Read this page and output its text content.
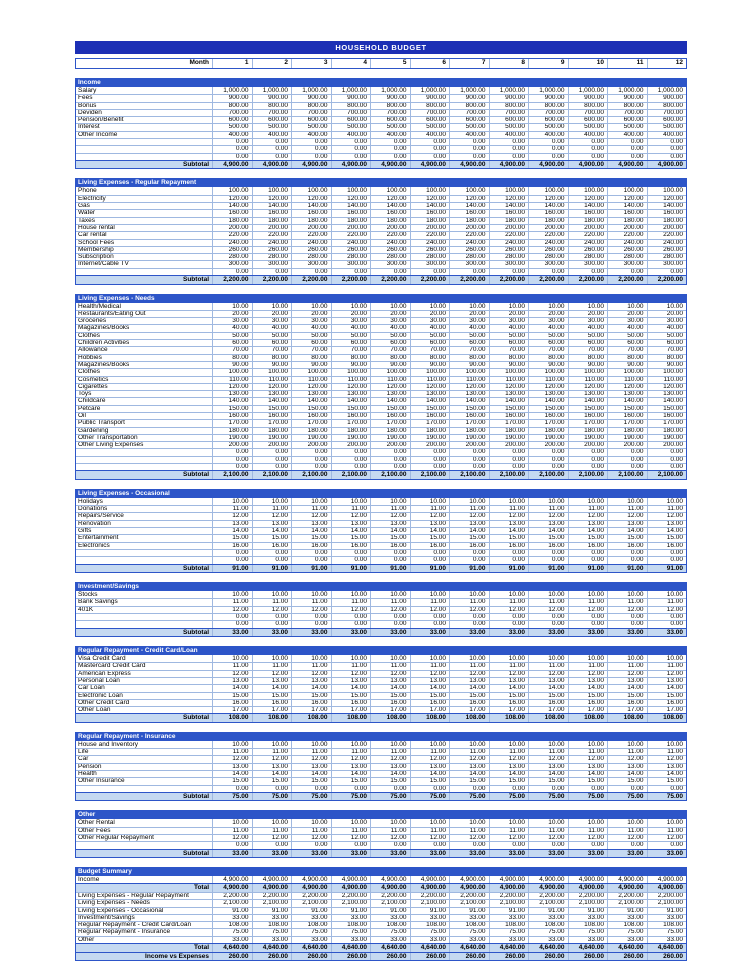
HOUSEHOLD BUDGET
Month	1	2	3	4	5	6	7	8	9	10	11	12
Income
Salary	1,000.00	1,000.00	1,000.00	1,000.00	1,000.00	1,000.00	1,000.00	1,000.00	1,000.00	1,000.00	1,000.00	1,000.00
Fees	900.00	900.00	900.00	900.00	900.00	900.00	900.00	900.00	900.00	900.00	900.00	900.00
Bonus	800.00	800.00	800.00	800.00	800.00	800.00	800.00	800.00	800.00	800.00	800.00	800.00
Deviden	700.00	700.00	700.00	700.00	700.00	700.00	700.00	700.00	700.00	700.00	700.00	700.00
Pension/Benefit	600.00	600.00	600.00	600.00	600.00	600.00	600.00	600.00	600.00	600.00	600.00	600.00
Interest	500.00	500.00	500.00	500.00	500.00	500.00	500.00	500.00	500.00	500.00	500.00	500.00
Other Income	400.00	400.00	400.00	400.00	400.00	400.00	400.00	400.00	400.00	400.00	400.00	400.00
0.00	0.00	0.00	0.00	0.00	0.00	0.00	0.00	0.00	0.00	0.00	0.00
0.00	0.00	0.00	0.00	0.00	0.00	0.00	0.00	0.00	0.00	0.00	0.00
0.00	0.00	0.00	0.00	0.00	0.00	0.00	0.00	0.00	0.00	0.00	0.00
Subtotal	4,900.00	4,900.00	4,900.00	4,900.00	4,900.00	4,900.00	4,900.00	4,900.00	4,900.00	4,900.00	4,900.00	4,900.00
Living Expenses - Regular Repayment
Phone	100.00	100.00	100.00	100.00	100.00	100.00	100.00	100.00	100.00	100.00	100.00	100.00
Electricity	120.00	120.00	120.00	120.00	120.00	120.00	120.00	120.00	120.00	120.00	120.00	120.00
Gas	140.00	140.00	140.00	140.00	140.00	140.00	140.00	140.00	140.00	140.00	140.00	140.00
Water	160.00	160.00	160.00	160.00	160.00	160.00	160.00	160.00	160.00	160.00	160.00	160.00
Taxes	180.00	180.00	180.00	180.00	180.00	180.00	180.00	180.00	180.00	180.00	180.00	180.00
House rental	200.00	200.00	200.00	200.00	200.00	200.00	200.00	200.00	200.00	200.00	200.00	200.00
Car rental	220.00	220.00	220.00	220.00	220.00	220.00	220.00	220.00	220.00	220.00	220.00	220.00
School Fees	240.00	240.00	240.00	240.00	240.00	240.00	240.00	240.00	240.00	240.00	240.00	240.00
Membership	260.00	260.00	260.00	260.00	260.00	260.00	260.00	260.00	260.00	260.00	260.00	260.00
Subscription	280.00	280.00	280.00	280.00	280.00	280.00	280.00	280.00	280.00	280.00	280.00	280.00
Internet/Cable TV	300.00	300.00	300.00	300.00	300.00	300.00	300.00	300.00	300.00	300.00	300.00	300.00
0.00	0.00	0.00	0.00	0.00	0.00	0.00	0.00	0.00	0.00	0.00	0.00
Subtotal	2,200.00	2,200.00	2,200.00	2,200.00	2,200.00	2,200.00	2,200.00	2,200.00	2,200.00	2,200.00	2,200.00	2,200.00
Living Expenses - Needs
Health/Medical	10.00	10.00	10.00	10.00	10.00	10.00	10.00	10.00	10.00	10.00	10.00	10.00
Restaurants/Eating Out	20.00	20.00	20.00	20.00	20.00	20.00	20.00	20.00	20.00	20.00	20.00	20.00
Groceries	30.00	30.00	30.00	30.00	30.00	30.00	30.00	30.00	30.00	30.00	30.00	30.00
Magazines/Books	40.00	40.00	40.00	40.00	40.00	40.00	40.00	40.00	40.00	40.00	40.00	40.00
Clothes	50.00	50.00	50.00	50.00	50.00	50.00	50.00	50.00	50.00	50.00	50.00	50.00
Children Activities	60.00	60.00	60.00	60.00	60.00	60.00	60.00	60.00	60.00	60.00	60.00	60.00
Allowance	70.00	70.00	70.00	70.00	70.00	70.00	70.00	70.00	70.00	70.00	70.00	70.00
Hobbies	80.00	80.00	80.00	80.00	80.00	80.00	80.00	80.00	80.00	80.00	80.00	80.00
Magazines/Books	90.00	90.00	90.00	90.00	90.00	90.00	90.00	90.00	90.00	90.00	90.00	90.00
Clothes	100.00	100.00	100.00	100.00	100.00	100.00	100.00	100.00	100.00	100.00	100.00	100.00
Cosmetics	110.00	110.00	110.00	110.00	110.00	110.00	110.00	110.00	110.00	110.00	110.00	110.00
Cigarettes	120.00	120.00	120.00	120.00	120.00	120.00	120.00	120.00	120.00	120.00	120.00	120.00
Toys	130.00	130.00	130.00	130.00	130.00	130.00	130.00	130.00	130.00	130.00	130.00	130.00
Childcare	140.00	140.00	140.00	140.00	140.00	140.00	140.00	140.00	140.00	140.00	140.00	140.00
Petcare	150.00	150.00	150.00	150.00	150.00	150.00	150.00	150.00	150.00	150.00	150.00	150.00
Oil	160.00	160.00	160.00	160.00	160.00	160.00	160.00	160.00	160.00	160.00	160.00	160.00
Public Transport	170.00	170.00	170.00	170.00	170.00	170.00	170.00	170.00	170.00	170.00	170.00	170.00
Gardening	180.00	180.00	180.00	180.00	180.00	180.00	180.00	180.00	180.00	180.00	180.00	180.00
Other Transportation	190.00	190.00	190.00	190.00	190.00	190.00	190.00	190.00	190.00	190.00	190.00	190.00
Other Living Expenses	200.00	200.00	200.00	200.00	200.00	200.00	200.00	200.00	200.00	200.00	200.00	200.00
0.00	0.00	0.00	0.00	0.00	0.00	0.00	0.00	0.00	0.00	0.00	0.00
0.00	0.00	0.00	0.00	0.00	0.00	0.00	0.00	0.00	0.00	0.00	0.00
0.00	0.00	0.00	0.00	0.00	0.00	0.00	0.00	0.00	0.00	0.00	0.00
Subtotal	2,100.00	2,100.00	2,100.00	2,100.00	2,100.00	2,100.00	2,100.00	2,100.00	2,100.00	2,100.00	2,100.00	2,100.00
Living Expenses - Occasional
Holidays	10.00	10.00	10.00	10.00	10.00	10.00	10.00	10.00	10.00	10.00	10.00	10.00
Donations	11.00	11.00	11.00	11.00	11.00	11.00	11.00	11.00	11.00	11.00	11.00	11.00
Repairs/Service	12.00	12.00	12.00	12.00	12.00	12.00	12.00	12.00	12.00	12.00	12.00	12.00
Renovation	13.00	13.00	13.00	13.00	13.00	13.00	13.00	13.00	13.00	13.00	13.00	13.00
Gifts	14.00	14.00	14.00	14.00	14.00	14.00	14.00	14.00	14.00	14.00	14.00	14.00
Entertainment	15.00	15.00	15.00	15.00	15.00	15.00	15.00	15.00	15.00	15.00	15.00	15.00
Electronics	16.00	16.00	16.00	16.00	16.00	16.00	16.00	16.00	16.00	16.00	16.00	16.00
0.00	0.00	0.00	0.00	0.00	0.00	0.00	0.00	0.00	0.00	0.00	0.00
0.00	0.00	0.00	0.00	0.00	0.00	0.00	0.00	0.00	0.00	0.00	0.00
Subtotal	91.00	91.00	91.00	91.00	91.00	91.00	91.00	91.00	91.00	91.00	91.00	91.00
Investment/Savings
Stocks	10.00	10.00	10.00	10.00	10.00	10.00	10.00	10.00	10.00	10.00	10.00	10.00
Bank Savings	11.00	11.00	11.00	11.00	11.00	11.00	11.00	11.00	11.00	11.00	11.00	11.00
401K	12.00	12.00	12.00	12.00	12.00	12.00	12.00	12.00	12.00	12.00	12.00	12.00
0.00	0.00	0.00	0.00	0.00	0.00	0.00	0.00	0.00	0.00	0.00	0.00
0.00	0.00	0.00	0.00	0.00	0.00	0.00	0.00	0.00	0.00	0.00	0.00
Subtotal	33.00	33.00	33.00	33.00	33.00	33.00	33.00	33.00	33.00	33.00	33.00	33.00
Regular Repayment - Credit Card/Loan
Visa Credit Card	10.00	10.00	10.00	10.00	10.00	10.00	10.00	10.00	10.00	10.00	10.00	10.00
Mastercard Credit Card	11.00	11.00	11.00	11.00	11.00	11.00	11.00	11.00	11.00	11.00	11.00	11.00
American Express	12.00	12.00	12.00	12.00	12.00	12.00	12.00	12.00	12.00	12.00	12.00	12.00
Personal Loan	13.00	13.00	13.00	13.00	13.00	13.00	13.00	13.00	13.00	13.00	13.00	13.00
Car Loan	14.00	14.00	14.00	14.00	14.00	14.00	14.00	14.00	14.00	14.00	14.00	14.00
Electronic Loan	15.00	15.00	15.00	15.00	15.00	15.00	15.00	15.00	15.00	15.00	15.00	15.00
Other Credit Card	16.00	16.00	16.00	16.00	16.00	16.00	16.00	16.00	16.00	16.00	16.00	16.00
Other Loan	17.00	17.00	17.00	17.00	17.00	17.00	17.00	17.00	17.00	17.00	17.00	17.00
Subtotal	108.00	108.00	108.00	108.00	108.00	108.00	108.00	108.00	108.00	108.00	108.00	108.00
Regular Repayment - Insurance
House and Inventory	10.00	10.00	10.00	10.00	10.00	10.00	10.00	10.00	10.00	10.00	10.00	10.00
Life	11.00	11.00	11.00	11.00	11.00	11.00	11.00	11.00	11.00	11.00	11.00	11.00
Car	12.00	12.00	12.00	12.00	12.00	12.00	12.00	12.00	12.00	12.00	12.00	12.00
Pension	13.00	13.00	13.00	13.00	13.00	13.00	13.00	13.00	13.00	13.00	13.00	13.00
Health	14.00	14.00	14.00	14.00	14.00	14.00	14.00	14.00	14.00	14.00	14.00	14.00
Other Insurance	15.00	15.00	15.00	15.00	15.00	15.00	15.00	15.00	15.00	15.00	15.00	15.00
0.00	0.00	0.00	0.00	0.00	0.00	0.00	0.00	0.00	0.00	0.00	0.00
Subtotal	75.00	75.00	75.00	75.00	75.00	75.00	75.00	75.00	75.00	75.00	75.00	75.00
Other
Other Rental	10.00	10.00	10.00	10.00	10.00	10.00	10.00	10.00	10.00	10.00	10.00	10.00
Other Fees	11.00	11.00	11.00	11.00	11.00	11.00	11.00	11.00	11.00	11.00	11.00	11.00
Other Regular Repayment	12.00	12.00	12.00	12.00	12.00	12.00	12.00	12.00	12.00	12.00	12.00	12.00
0.00	0.00	0.00	0.00	0.00	0.00	0.00	0.00	0.00	0.00	0.00	0.00
Subtotal	33.00	33.00	33.00	33.00	33.00	33.00	33.00	33.00	33.00	33.00	33.00	33.00
Budget Summary
Income	4,900.00	4,900.00	4,900.00	4,900.00	4,900.00	4,900.00	4,900.00	4,900.00	4,900.00	4,900.00	4,900.00	4,900.00
Total	4,900.00	4,900.00	4,900.00	4,900.00	4,900.00	4,900.00	4,900.00	4,900.00	4,900.00	4,900.00	4,900.00	4,900.00
Living Expenses - Regular Repayment	2,200.00	2,200.00	2,200.00	2,200.00	2,200.00	2,200.00	2,200.00	2,200.00	2,200.00	2,200.00	2,200.00	2,200.00
Living Expenses - Needs	2,100.00	2,100.00	2,100.00	2,100.00	2,100.00	2,100.00	2,100.00	2,100.00	2,100.00	2,100.00	2,100.00	2,100.00
Living Expenses - Occasional	91.00	91.00	91.00	91.00	91.00	91.00	91.00	91.00	91.00	91.00	91.00	91.00
Investment/Savings	33.00	33.00	33.00	33.00	33.00	33.00	33.00	33.00	33.00	33.00	33.00	33.00
Regular Repayment - Credit Card/Loan	108.00	108.00	108.00	108.00	108.00	108.00	108.00	108.00	108.00	108.00	108.00	108.00
Regular Repayment - Insurance	75.00	75.00	75.00	75.00	75.00	75.00	75.00	75.00	75.00	75.00	75.00	75.00
Other	33.00	33.00	33.00	33.00	33.00	33.00	33.00	33.00	33.00	33.00	33.00	33.00
Total	4,640.00	4,640.00	4,640.00	4,640.00	4,640.00	4,640.00	4,640.00	4,640.00	4,640.00	4,640.00	4,640.00	4,640.00
Income vs Expenses	260.00	260.00	260.00	260.00	260.00	260.00	260.00	260.00	260.00	260.00	260.00	260.00
